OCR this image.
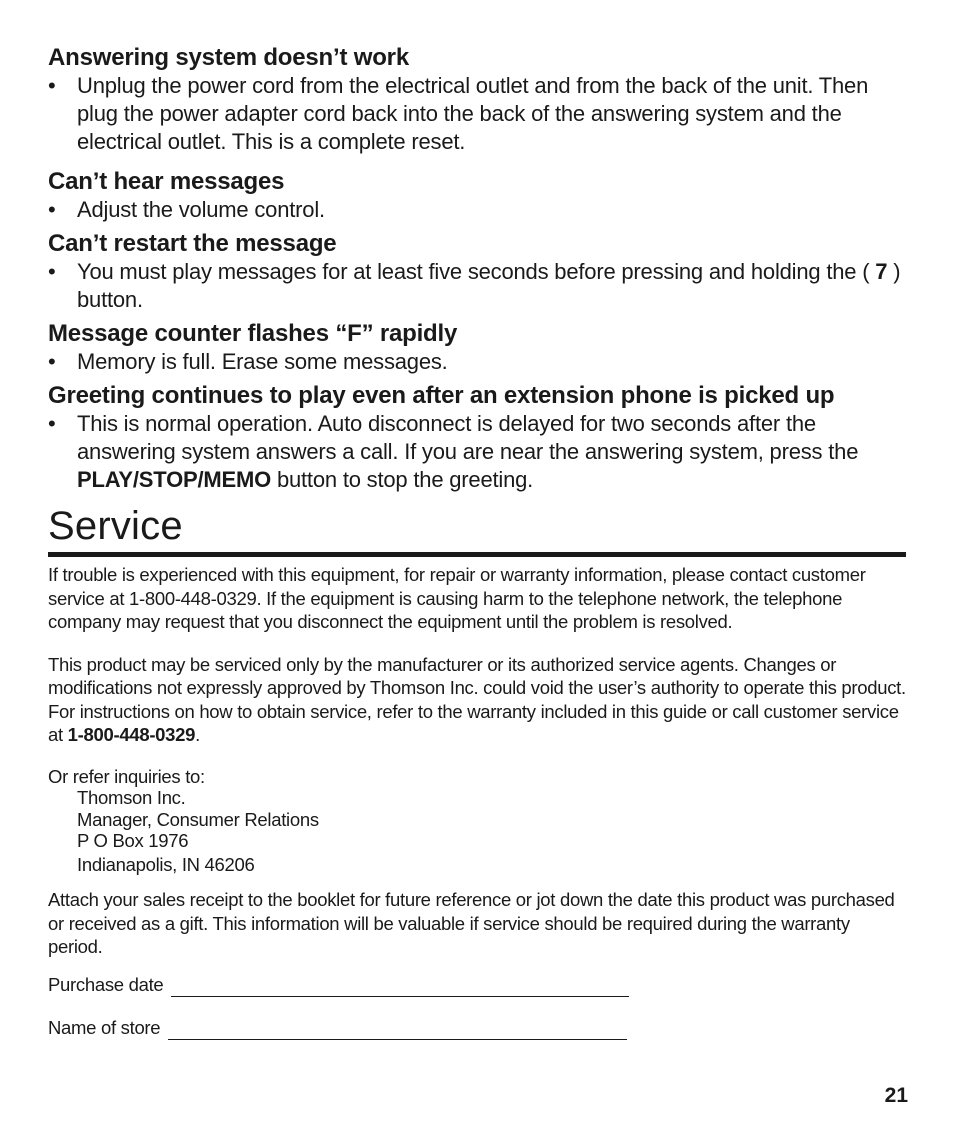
Answering system doesn’t work

• Unplug the power cord from the electrical outlet and from the back of the unit. Then plug the power adapter cord back into the back of the answering system and the electrical outlet. This is a complete reset.

Can’t hear messages

• Adjust the volume control.

Can’t restart the message

• You must play messages for at least five seconds before pressing and holding the ( 7 ) button.

Message counter flashes “F” rapidly

• Memory is full. Erase some messages.

Greeting continues to play even after an extension phone is picked up

• This is normal operation. Auto disconnect is delayed for two seconds after the answering system answers a call. If you are near the answering system, press the PLAY/STOP/MEMO button to stop the greeting.

Service

If trouble is experienced with this equipment, for repair or warranty information, please contact customer service at 1-800-448-0329. If the equipment is causing harm to the telephone network, the telephone company may request that you disconnect the equipment until the problem is resolved.

This product may be serviced only by the manufacturer or its authorized service agents. Changes or modifications not expressly approved by Thomson Inc. could void the user’s authority to operate this product. For instructions on how to obtain service, refer to the warranty included in this guide or call customer service at 1-800-448-0329.

Or refer inquiries to:

Thomson Inc.
Manager, Consumer Relations
P O Box 1976
Indianapolis, IN 46206

Attach your sales receipt to the booklet for future reference or jot down the date this product was purchased or received as a gift. This information will be valuable if service should be required during the warranty period.

Purchase date
Name of store
21
